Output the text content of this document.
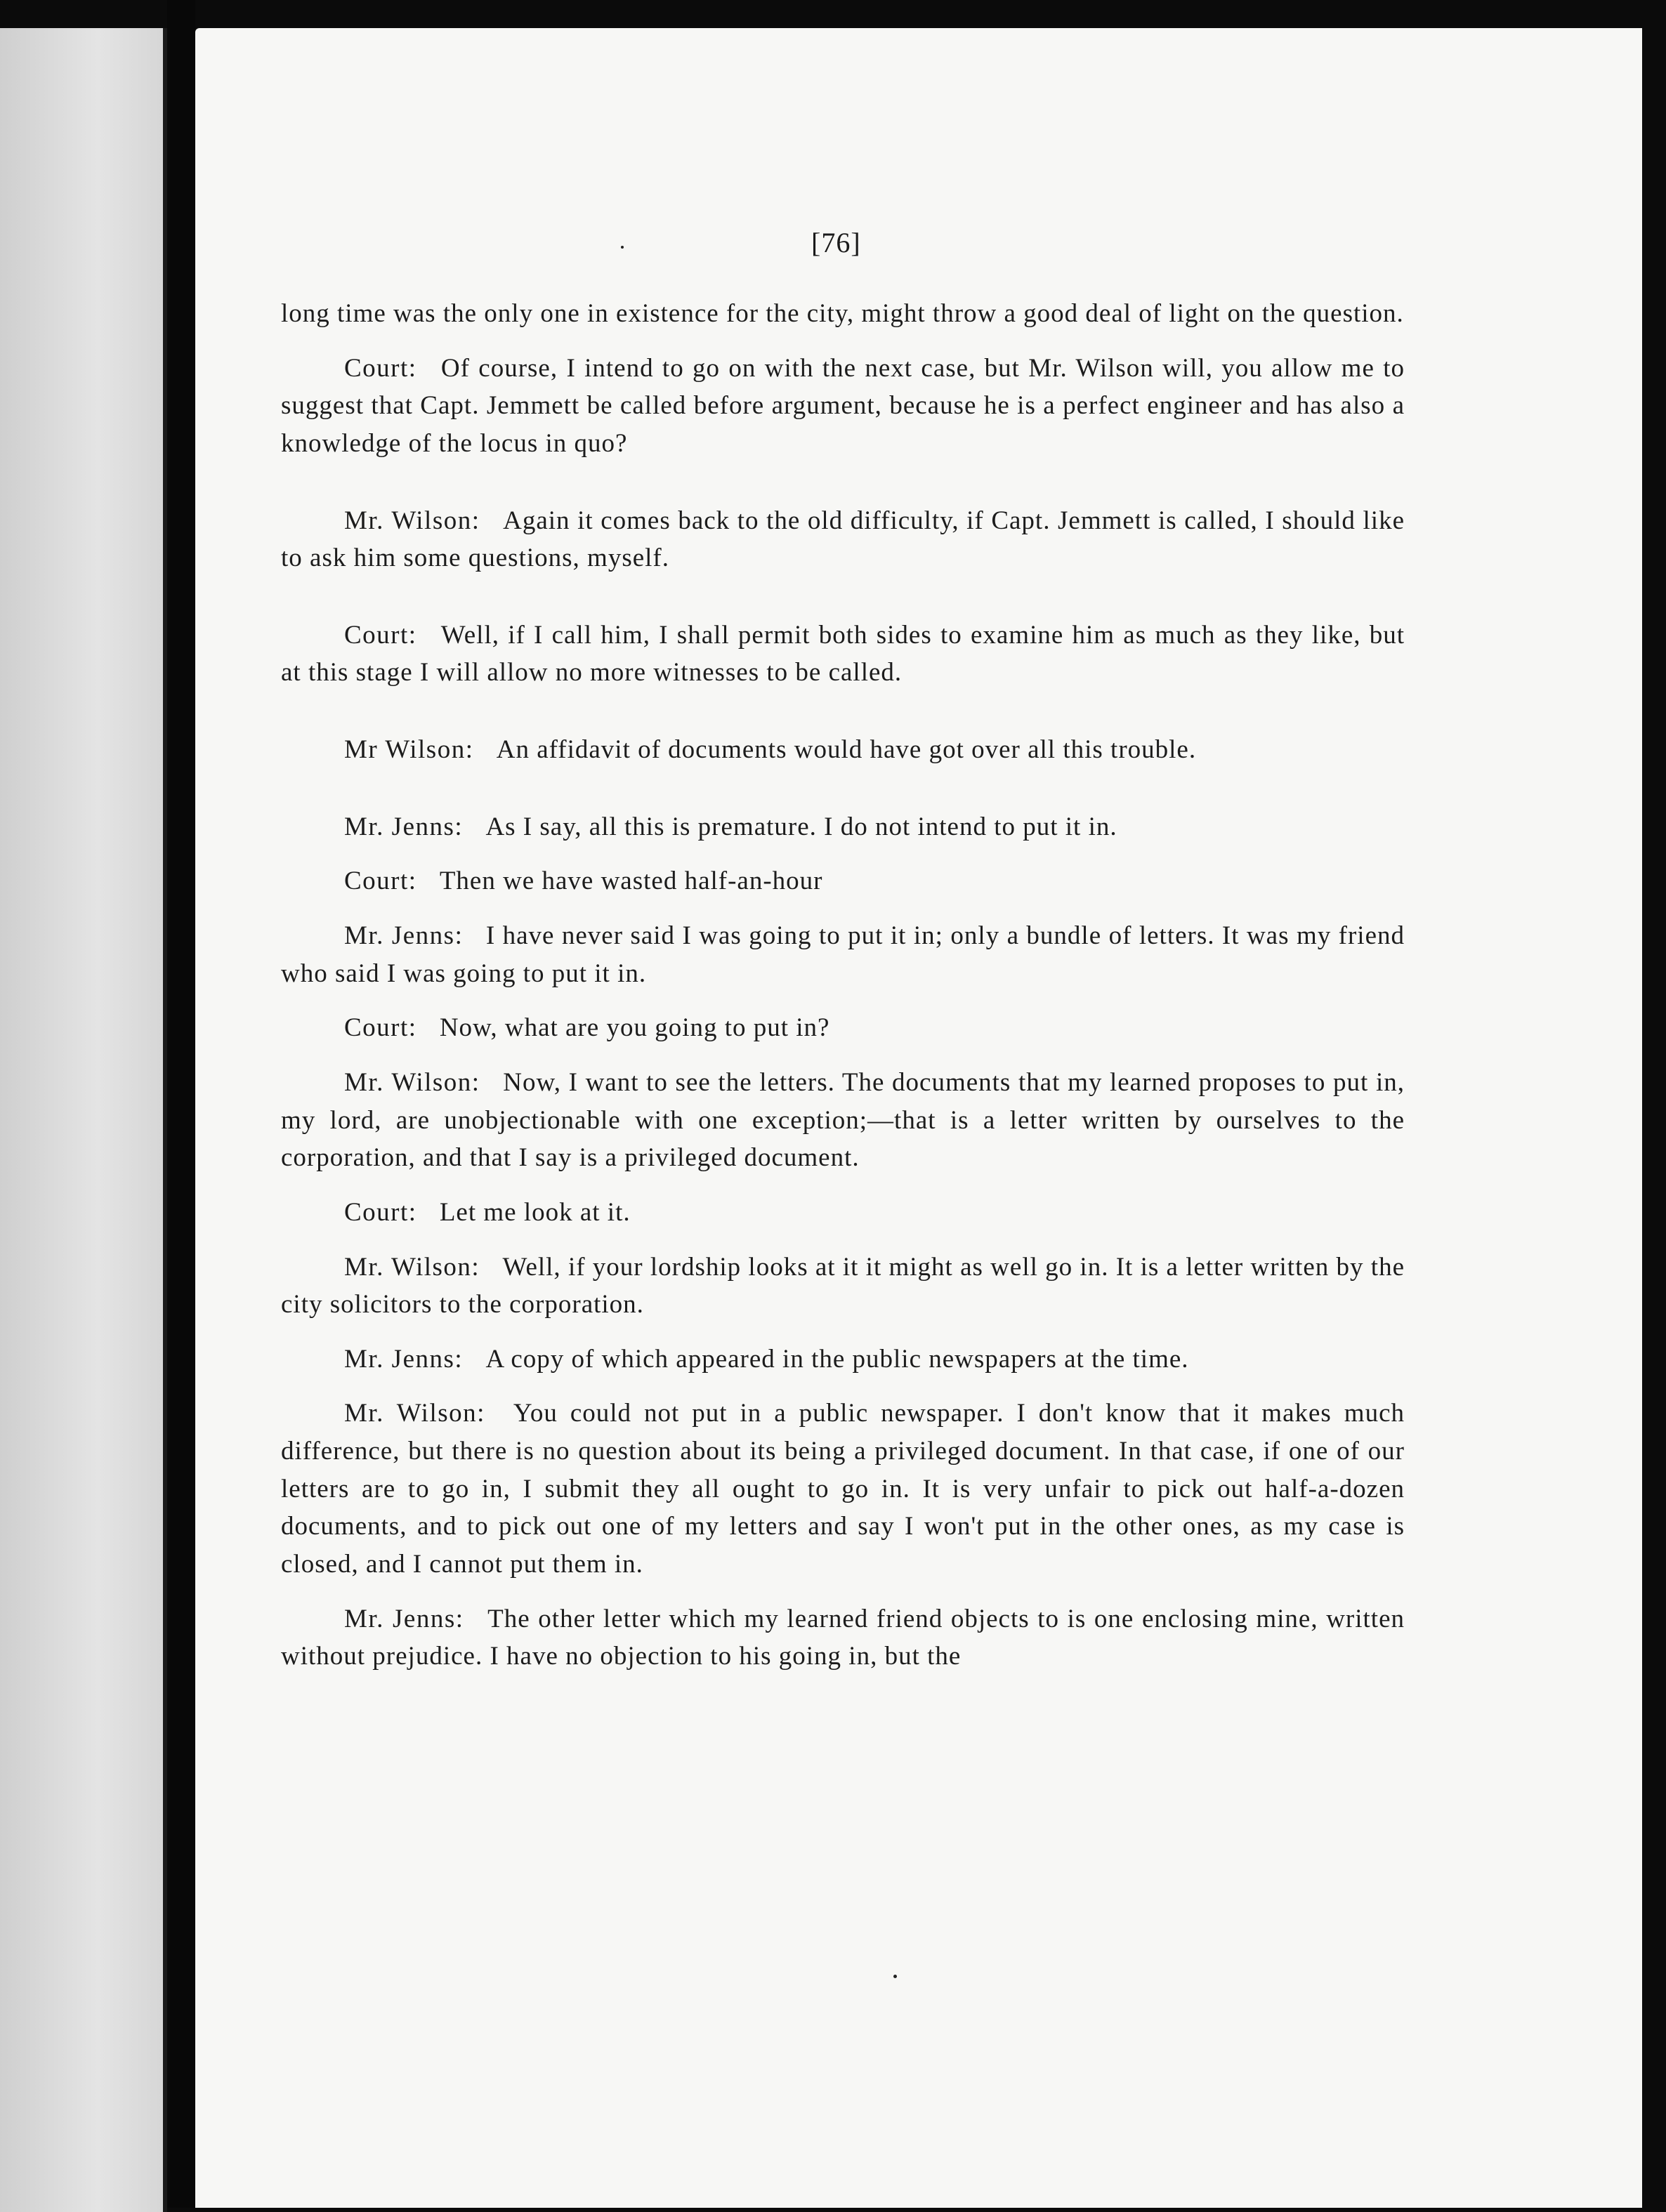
[76]

long time was the only one in existence for the city, might throw a good deal of light on the question.

Court: Of course, I intend to go on with the next case, but Mr. Wilson will, you allow me to suggest that Capt. Jemmett be called before argument, because he is a perfect engineer and has also a knowledge of the locus in quo?

Mr. Wilson: Again it comes back to the old difficulty, if Capt. Jemmett is called, I should like to ask him some questions, myself.

Court: Well, if I call him, I shall permit both sides to examine him as much as they like, but at this stage I will allow no more witnesses to be called.

Mr Wilson: An affidavit of documents would have got over all this trouble.

Mr. Jenns: As I say, all this is premature. I do not intend to put it in.

Court: Then we have wasted half-an-hour

Mr. Jenns: I have never said I was going to put it in; only a bundle of letters. It was my friend who said I was going to put it in.

Court: Now, what are you going to put in?

Mr. Wilson: Now, I want to see the letters. The documents that my learned proposes to put in, my lord, are unobjectionable with one exception;—that is a letter written by ourselves to the corporation, and that I say is a privileged document.

Court: Let me look at it.

Mr. Wilson: Well, if your lordship looks at it it might as well go in. It is a letter written by the city solicitors to the corporation.

Mr. Jenns: A copy of which appeared in the public newspapers at the time.

Mr. Wilson: You could not put in a public newspaper. I don't know that it makes much difference, but there is no question about its being a privileged document. In that case, if one of our letters are to go in, I submit they all ought to go in. It is very unfair to pick out half-a-dozen documents, and to pick out one of my letters and say I won't put in the other ones, as my case is closed, and I cannot put them in.

Mr. Jenns: The other letter which my learned friend objects to is one enclosing mine, written without prejudice. I have no objection to his going in, but the
